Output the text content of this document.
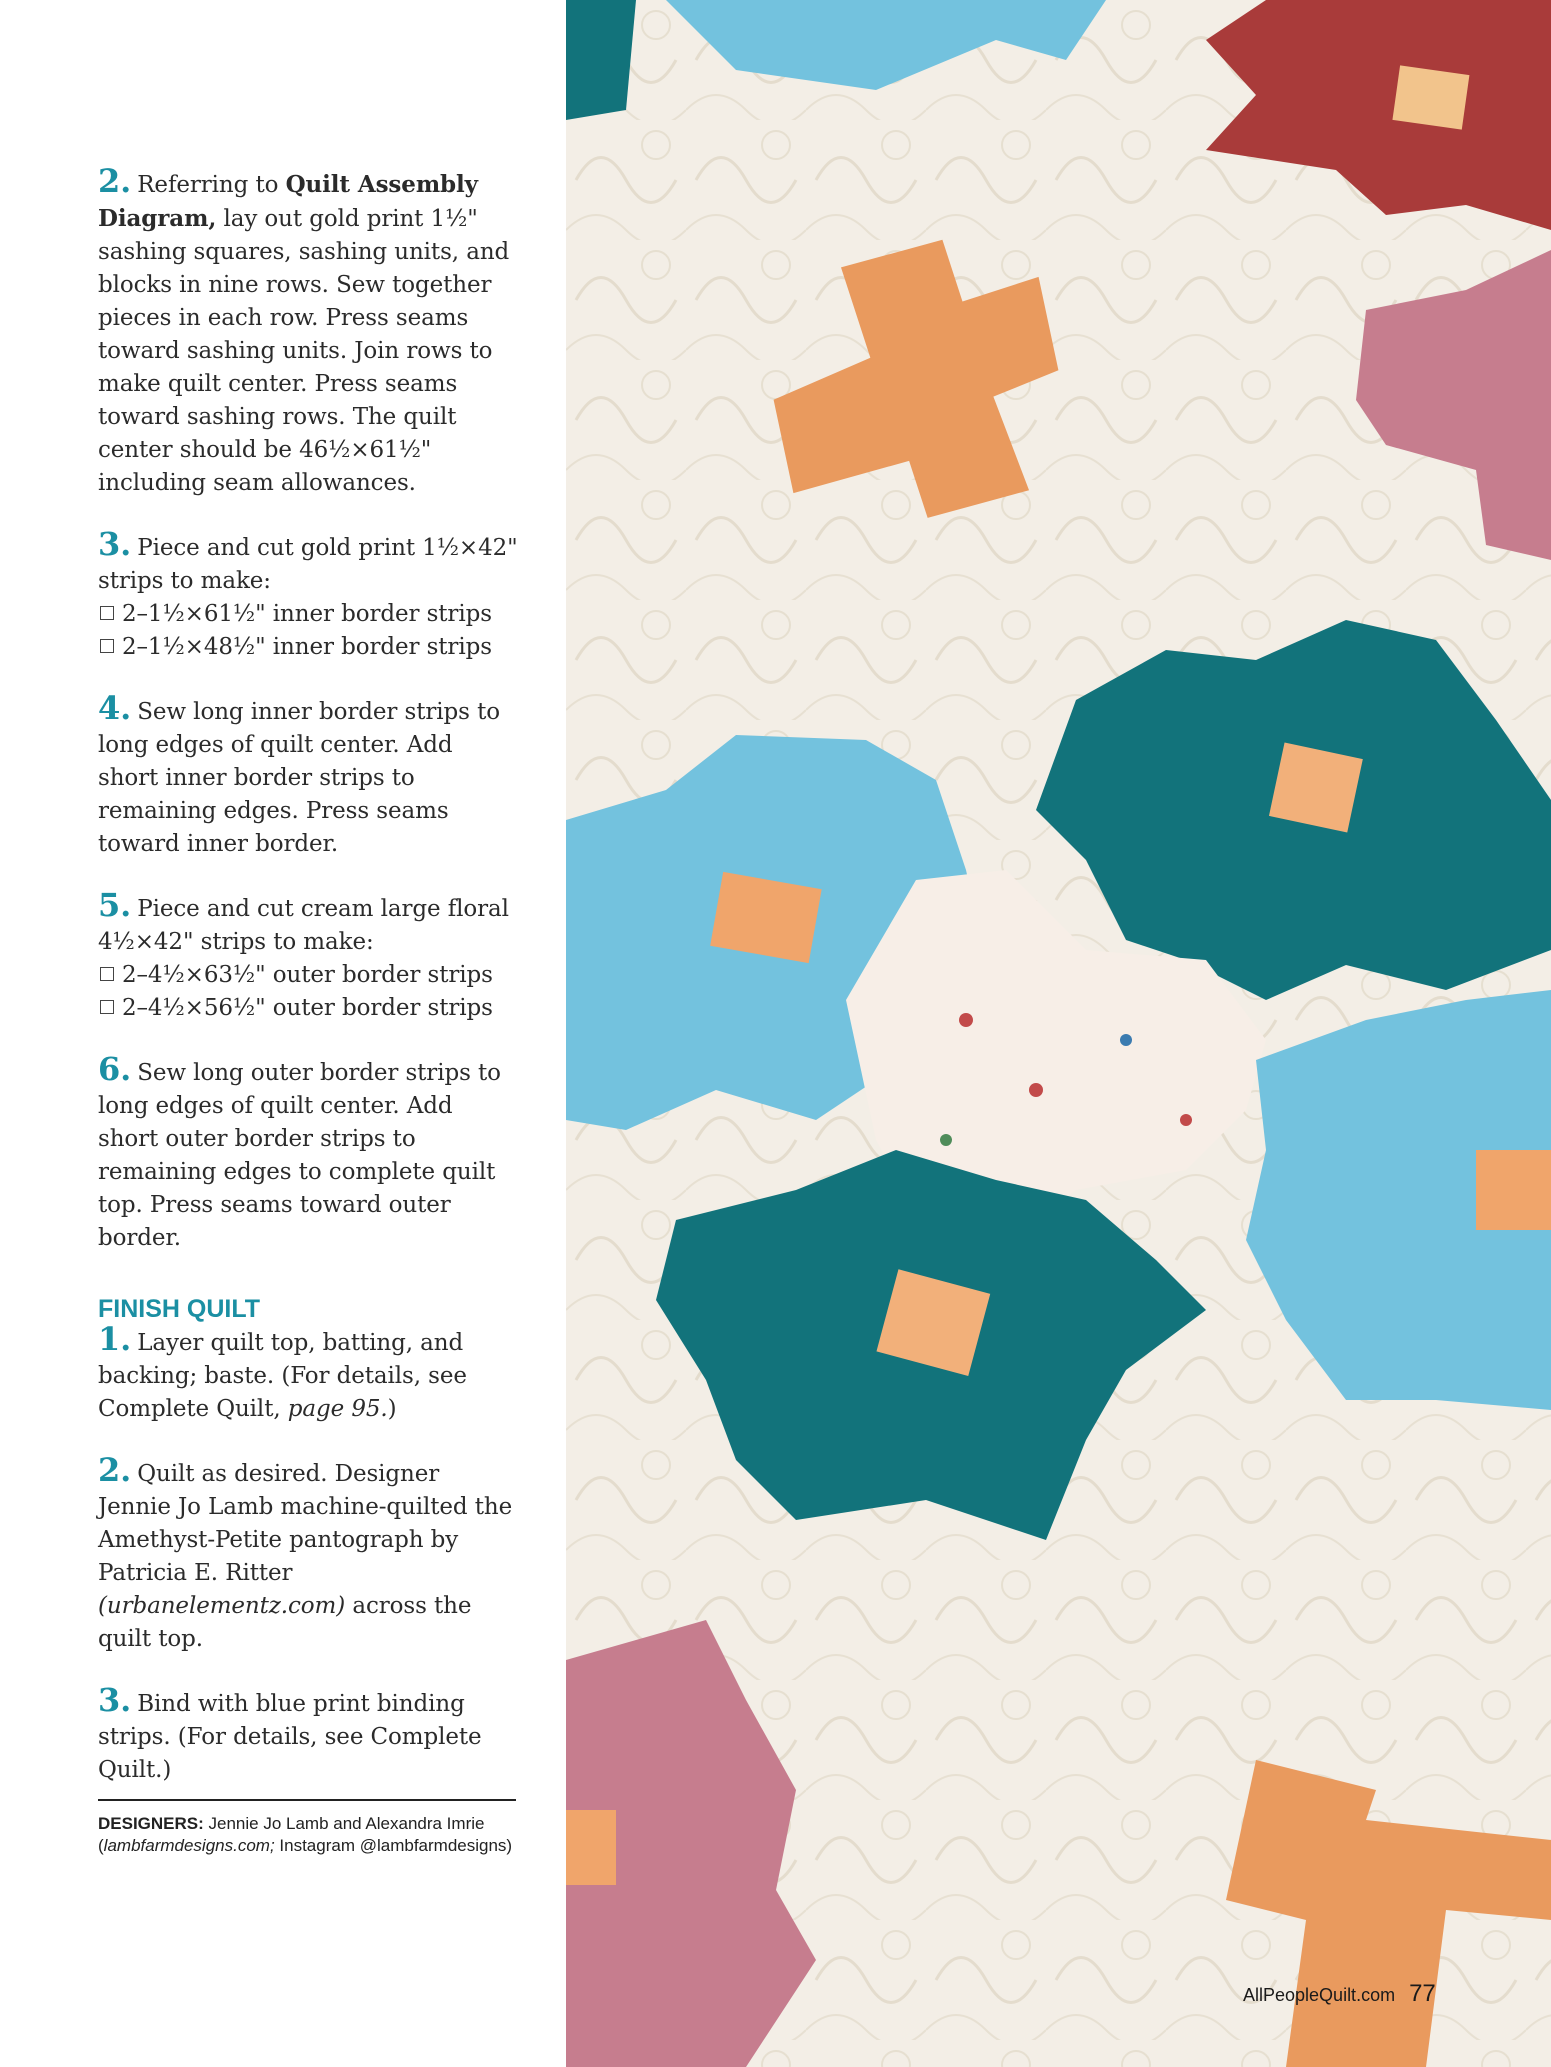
2. Referring to Quilt Assembly Diagram, lay out gold print 1½" sashing squares, sashing units, and blocks in nine rows. Sew together pieces in each row. Press seams toward sashing units. Join rows to make quilt center. Press seams toward sashing rows. The quilt center should be 46½×61½" including seam allowances.

3. Piece and cut gold print 1½×42" strips to make:
2–1½×61½" inner border strips
2–1½×48½" inner border strips

4. Sew long inner border strips to long edges of quilt center. Add short inner border strips to remaining edges. Press seams toward inner border.

5. Piece and cut cream large floral 4½×42" strips to make:
2–4½×63½" outer border strips
2–4½×56½" outer border strips

6. Sew long outer border strips to long edges of quilt center. Add short outer border strips to remaining edges to complete quilt top. Press seams toward outer border.

FINISH QUILT

1. Layer quilt top, batting, and backing; baste. (For details, see Complete Quilt, page 95.)

2. Quilt as desired. Designer Jennie Jo Lamb machine-quilted the Amethyst-Petite pantograph by Patricia E. Ritter (urbanelementz.com) across the quilt top.

3. Bind with blue print binding strips. (For details, see Complete Quilt.)

DESIGNERS: Jennie Jo Lamb and Alexandra Imrie (lambfarmdesigns.com; Instagram @lambfarmdesigns)
AllPeopleQuilt.com 77
